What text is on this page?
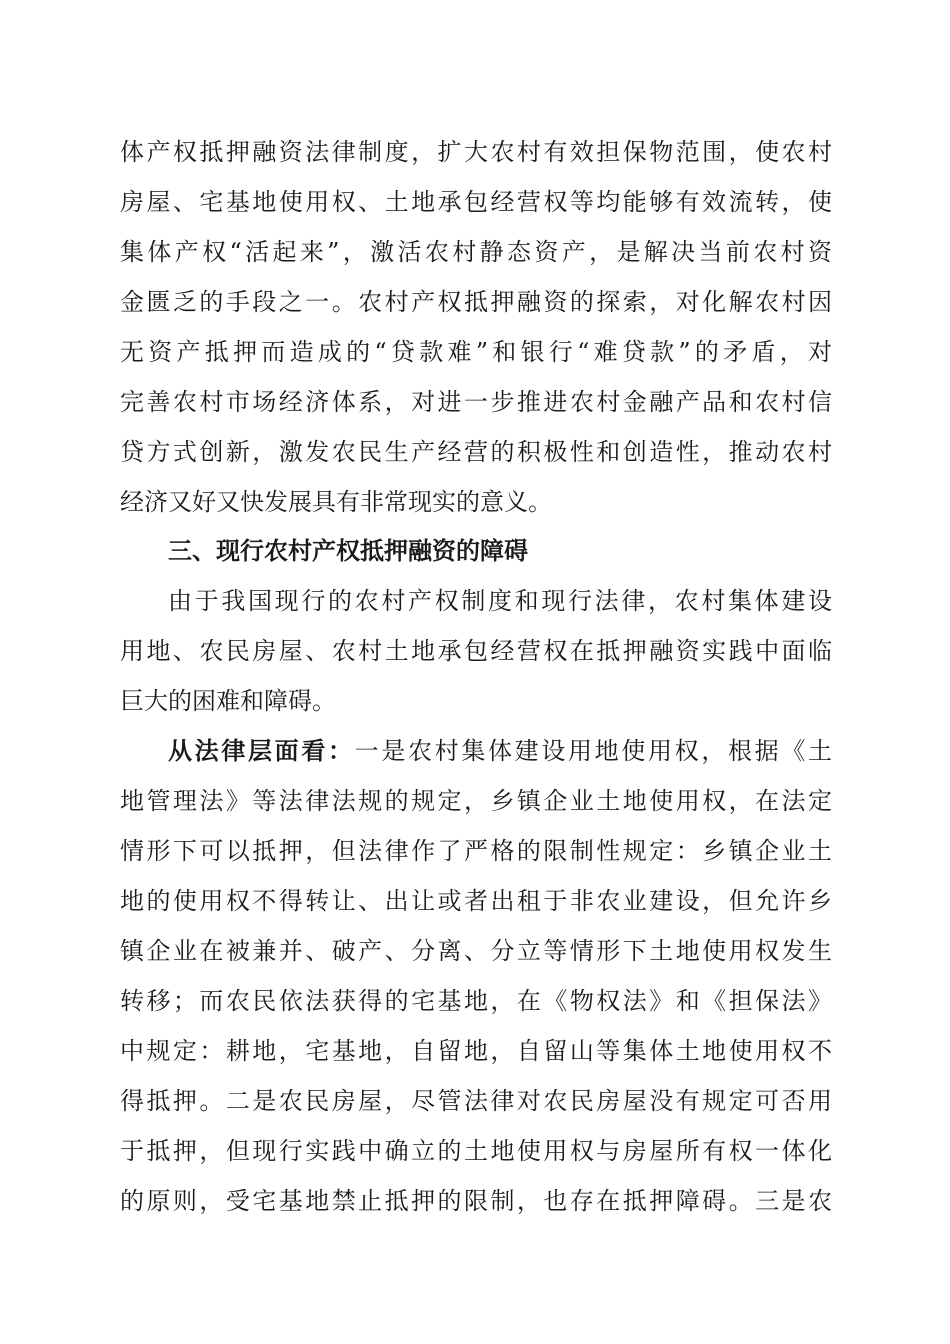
体产权抵押融资法律制度，扩大农村有效担保物范围，使农村
房屋、宅基地使用权、土地承包经营权等均能够有效流转，使
集体产权“活起来”，激活农村静态资产，是解决当前农村资
金匮乏的手段之一。农村产权抵押融资的探索，对化解农村因
无资产抵押而造成的“贷款难”和银行“难贷款”的矛盾，对
完善农村市场经济体系，对进一步推进农村金融产品和农村信
贷方式创新，激发农民生产经营的积极性和创造性，推动农村
经济又好又快发展具有非常现实的意义。
三、现行农村产权抵押融资的障碍
由于我国现行的农村产权制度和现行法律，农村集体建设
用地、农民房屋、农村土地承包经营权在抵押融资实践中面临
巨大的困难和障碍。
从法律层面看：一是农村集体建设用地使用权，根据《土
地管理法》等法律法规的规定，乡镇企业土地使用权，在法定
情形下可以抵押，但法律作了严格的限制性规定：乡镇企业土
地的使用权不得转让、出让或者出租于非农业建设，但允许乡
镇企业在被兼并、破产、分离、分立等情形下土地使用权发生
转移；而农民依法获得的宅基地，在《物权法》和《担保法》
中规定：耕地，宅基地，自留地，自留山等集体土地使用权不
得抵押。二是农民房屋，尽管法律对农民房屋没有规定可否用
于抵押，但现行实践中确立的土地使用权与房屋所有权一体化
的原则，受宅基地禁止抵押的限制，也存在抵押障碍。三是农
